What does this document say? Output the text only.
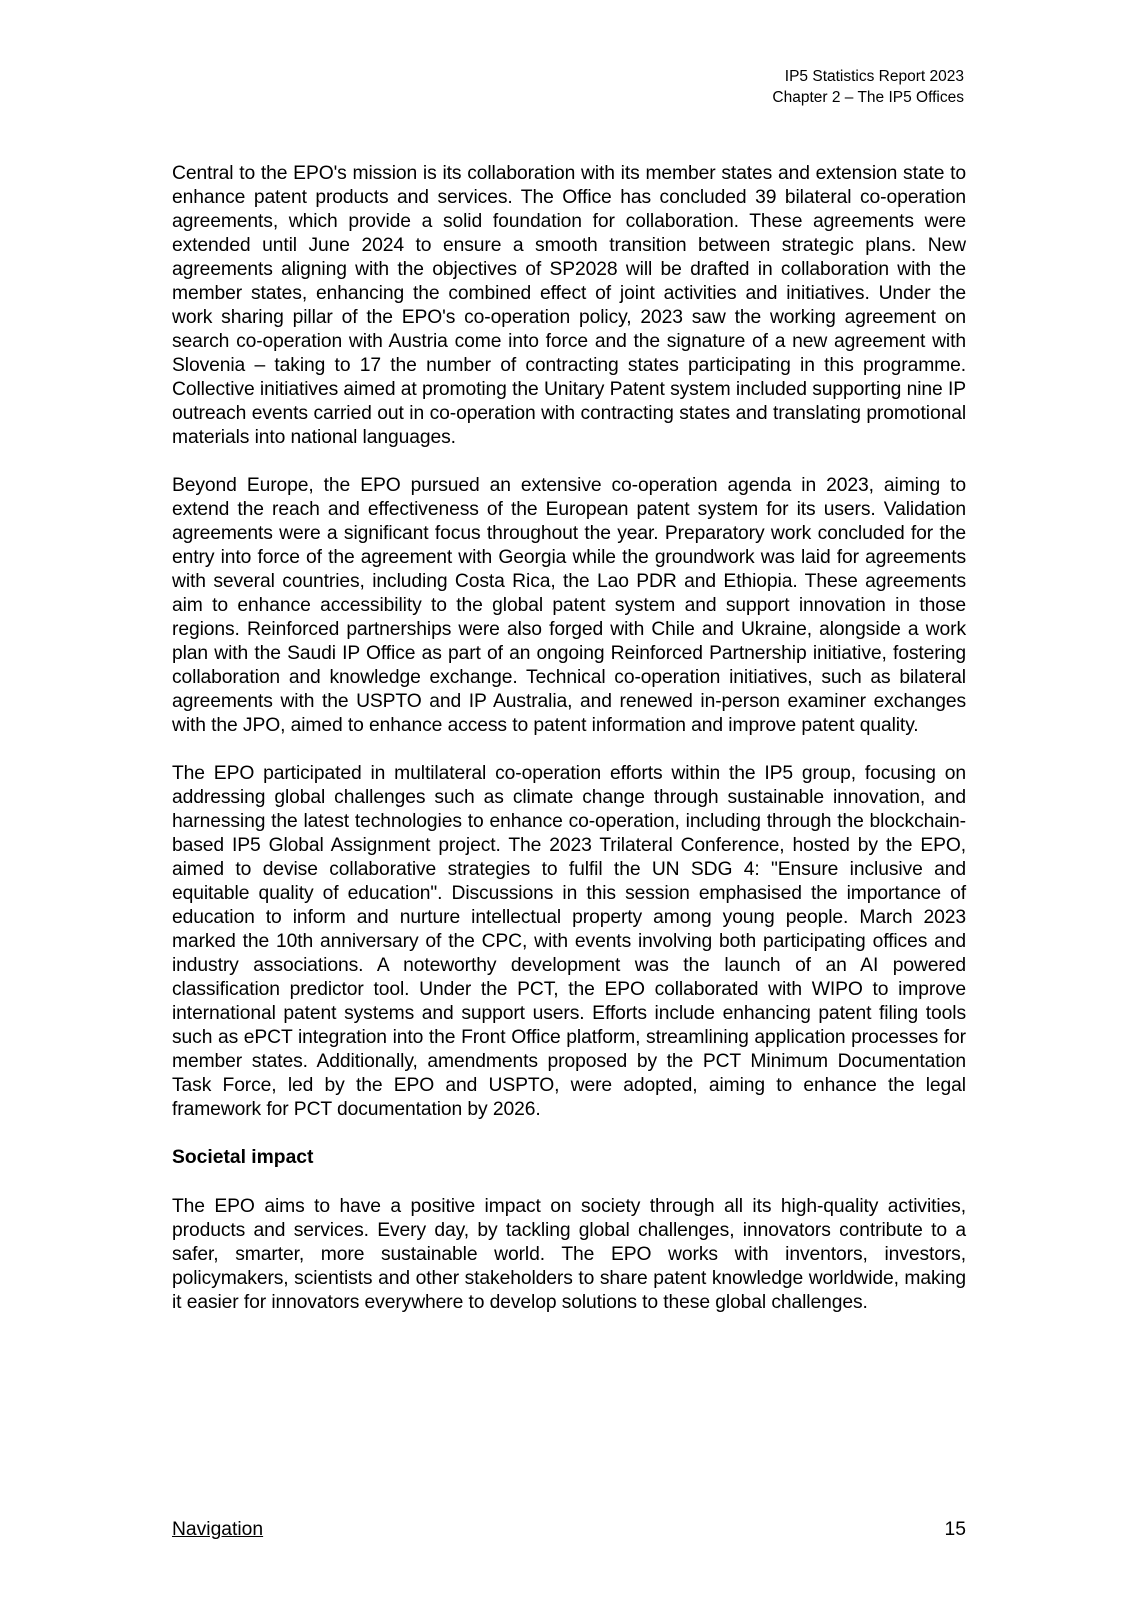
IP5 Statistics Report 2023
Chapter 2 – The IP5 Offices

Central to the EPO's mission is its collaboration with its member states and extension state to enhance patent products and services. The Office has concluded 39 bilateral co-operation agreements, which provide a solid foundation for collaboration. These agreements were extended until June 2024 to ensure a smooth transition between strategic plans. New agreements aligning with the objectives of SP2028 will be drafted in collaboration with the member states, enhancing the combined effect of joint activities and initiatives. Under the work sharing pillar of the EPO's co-operation policy, 2023 saw the working agreement on search co-operation with Austria come into force and the signature of a new agreement with Slovenia – taking to 17 the number of contracting states participating in this programme. Collective initiatives aimed at promoting the Unitary Patent system included supporting nine IP outreach events carried out in co-operation with contracting states and translating promotional materials into national languages.

Beyond Europe, the EPO pursued an extensive co-operation agenda in 2023, aiming to extend the reach and effectiveness of the European patent system for its users. Validation agreements were a significant focus throughout the year. Preparatory work concluded for the entry into force of the agreement with Georgia while the groundwork was laid for agreements with several countries, including Costa Rica, the Lao PDR and Ethiopia. These agreements aim to enhance accessibility to the global patent system and support innovation in those regions. Reinforced partnerships were also forged with Chile and Ukraine, alongside a work plan with the Saudi IP Office as part of an ongoing Reinforced Partnership initiative, fostering collaboration and knowledge exchange. Technical co-operation initiatives, such as bilateral agreements with the USPTO and IP Australia, and renewed in-person examiner exchanges with the JPO, aimed to enhance access to patent information and improve patent quality.

The EPO participated in multilateral co-operation efforts within the IP5 group, focusing on addressing global challenges such as climate change through sustainable innovation, and harnessing the latest technologies to enhance co-operation, including through the blockchain-based IP5 Global Assignment project. The 2023 Trilateral Conference, hosted by the EPO, aimed to devise collaborative strategies to fulfil the UN SDG 4: "Ensure inclusive and equitable quality of education". Discussions in this session emphasised the importance of education to inform and nurture intellectual property among young people. March 2023 marked the 10th anniversary of the CPC, with events involving both participating offices and industry associations. A noteworthy development was the launch of an AI powered classification predictor tool. Under the PCT, the EPO collaborated with WIPO to improve international patent systems and support users. Efforts include enhancing patent filing tools such as ePCT integration into the Front Office platform, streamlining application processes for member states. Additionally, amendments proposed by the PCT Minimum Documentation Task Force, led by the EPO and USPTO, were adopted, aiming to enhance the legal framework for PCT documentation by 2026.

Societal impact

The EPO aims to have a positive impact on society through all its high-quality activities, products and services. Every day, by tackling global challenges, innovators contribute to a safer, smarter, more sustainable world. The EPO works with inventors, investors, policymakers, scientists and other stakeholders to share patent knowledge worldwide, making it easier for innovators everywhere to develop solutions to these global challenges.

Navigation	15
